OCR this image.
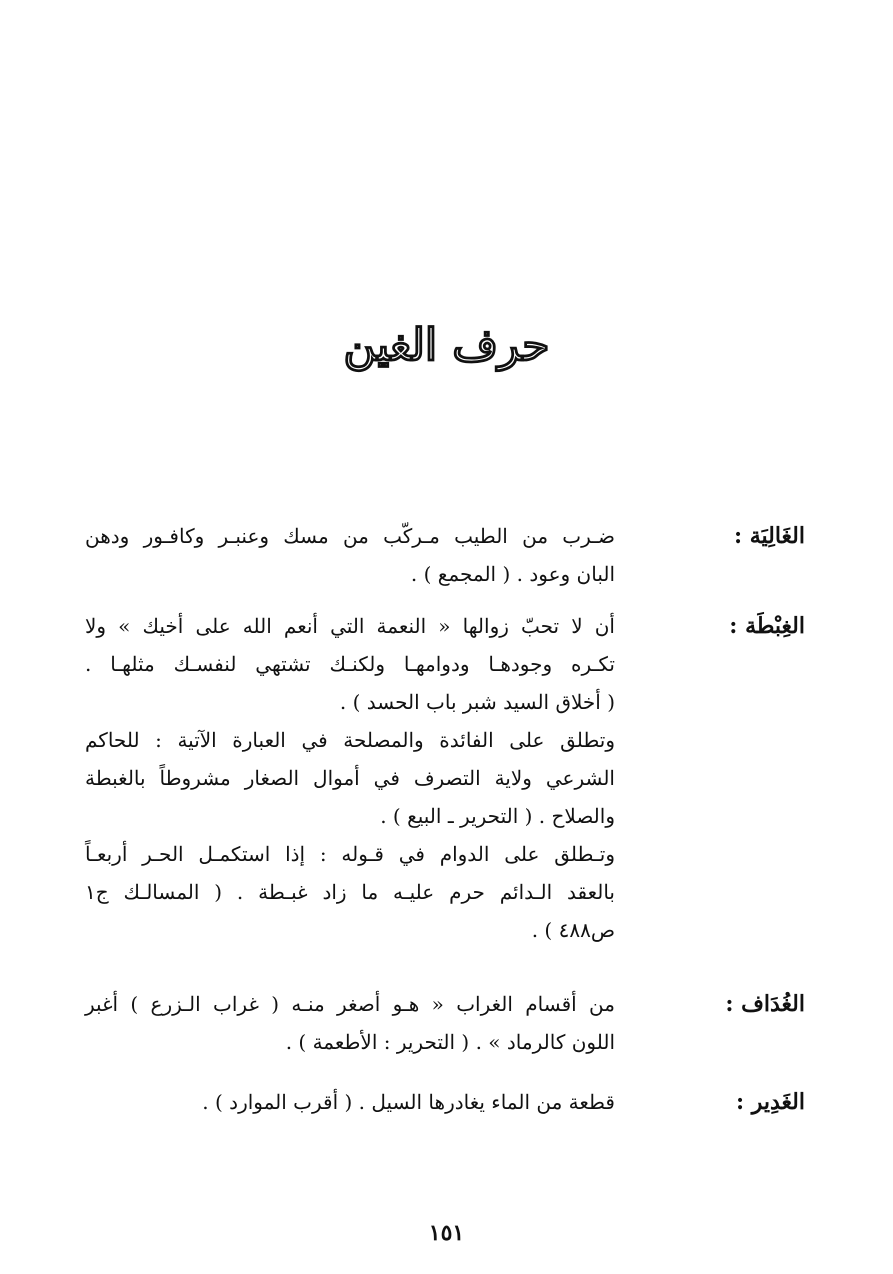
حرف الغين
الغَالِيَة :
ضـرب من الطيب مـركّب من مسك وعنبـر وكافـور ودهن
البان وعود . ( المجمع ) .
الغِبْطَة :
أن لا تحبّ زوالها « النعمة التي أنعم الله على أخيك » ولا
تكـره وجودهـا ودوامهـا ولكنـك تشتهي لنفسـك مثلهـا .
( أخلاق السيد شبر باب الحسد ) .
وتطلق على الفائدة والمصلحة في العبارة الآتية : للحاكم
الشرعي ولاية التصرف في أموال الصغار مشروطاً بالغبطة
والصلاح . ( التحرير ـ البيع ) .
وتـطلق على الدوام في قـوله : إذا استكمـل الحـر أربعـاً
بالعقد الـدائم حرم عليـه ما زاد غبـطة . ( المسالـك ج١
ص٤٨٨ ) .
الغُدَاف :
من أقسام الغراب « هـو أصغر منـه ( غراب الـزرع ) أغبر
اللون كالرماد » . ( التحرير : الأطعمة ) .
الغَدِير :
قطعة من الماء يغادرها السيل . ( أقرب الموارد ) .
١٥١
